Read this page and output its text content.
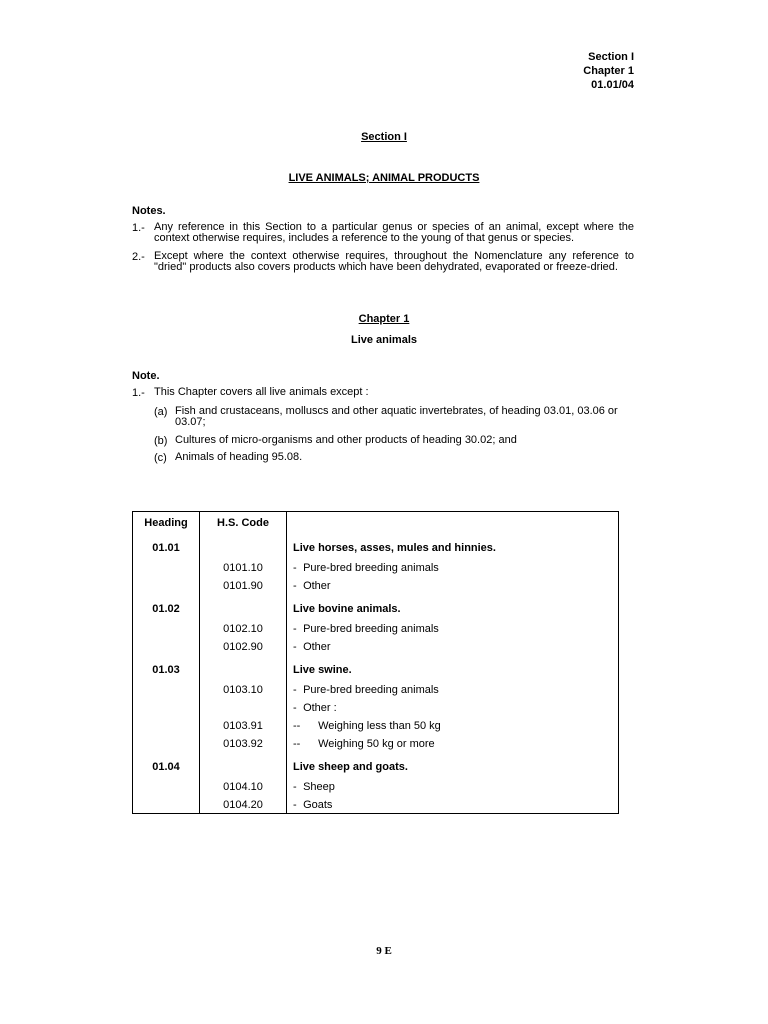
Section I
Chapter 1
01.01/04
Section I
LIVE ANIMALS; ANIMAL PRODUCTS
Notes.
1.- Any reference in this Section to a particular genus or species of an animal, except where the context otherwise requires, includes a reference to the young of that genus or species.
2.- Except where the context otherwise requires, throughout the Nomenclature any reference to "dried" products also covers products which have been dehydrated, evaporated or freeze-dried.
Chapter 1
Live animals
Note.
1.- This Chapter covers all live animals except :
(a) Fish and crustaceans, molluscs and other aquatic invertebrates, of heading 03.01, 03.06 or 03.07;
(b) Cultures of micro-organisms and other products of heading 30.02; and
(c) Animals of heading 95.08.
Heading	H.S. Code	
01.01		Live horses, asses, mules and hinnies.
	0101.10	- Pure-bred breeding animals
	0101.90	- Other
01.02		Live bovine animals.
	0102.10	- Pure-bred breeding animals
	0102.90	- Other
01.03		Live swine.
	0103.10	- Pure-bred breeding animals
		- Other :
	0103.91	-- Weighing less than 50 kg
	0103.92	-- Weighing 50 kg or more
01.04		Live sheep and goats.
	0104.10	- Sheep
	0104.20	- Goats
9 E
